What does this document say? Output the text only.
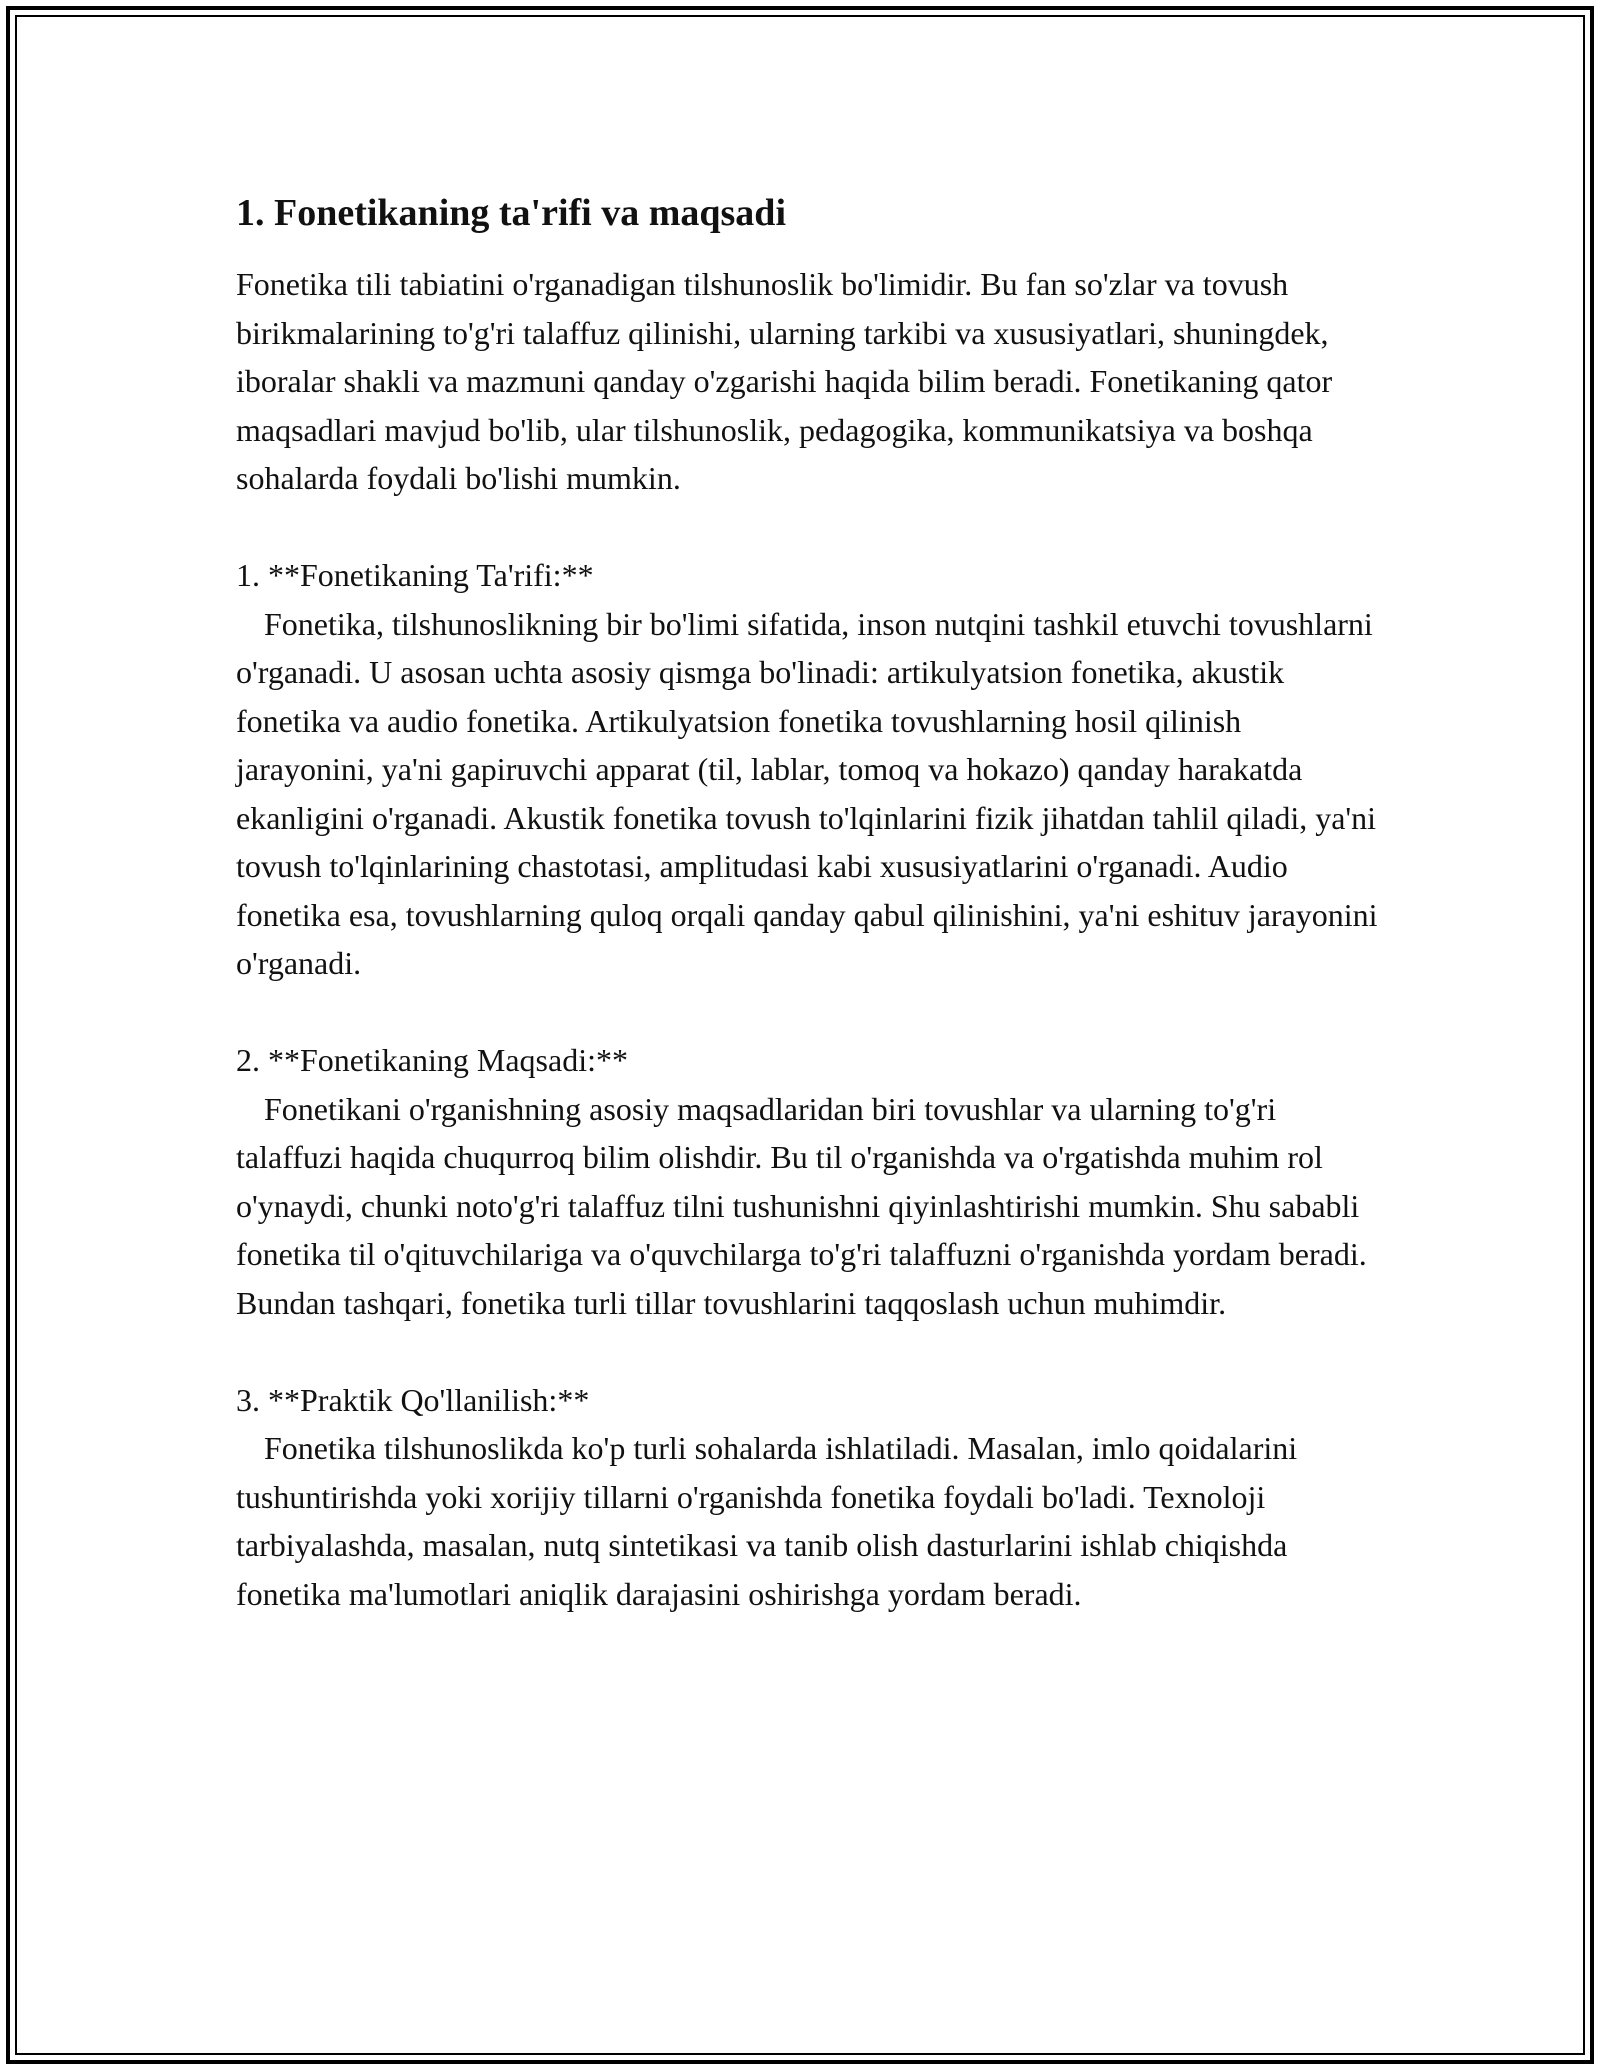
1. Fonetikaning ta'rifi va maqsadi

Fonetika tili tabiatini o'rganadigan tilshunoslik bo'limidir. Bu fan so'zlar va tovush birikmalarining to'g'ri talaffuz qilinishi, ularning tarkibi va xususiyatlari, shuningdek, iboralar shakli va mazmuni qanday o'zgarishi haqida bilim beradi. Fonetikaning qator maqsadlari mavjud bo'lib, ular tilshunoslik, pedagogika, kommunikatsiya va boshqa sohalarda foydali bo'lishi mumkin.

1. **Fonetikaning Ta'rifi:**
Fonetika, tilshunoslikning bir bo'limi sifatida, inson nutqini tashkil etuvchi tovushlarni o'rganadi. U asosan uchta asosiy qismga bo'linadi: artikulyatsion fonetika, akustik fonetika va audio fonetika. Artikulyatsion fonetika tovushlarning hosil qilinish jarayonini, ya'ni gapiruvchi apparat (til, lablar, tomoq va hokazo) qanday harakatda ekanligini o'rganadi. Akustik fonetika tovush to'lqinlarini fizik jihatdan tahlil qiladi, ya'ni tovush to'lqinlarining chastotasi, amplitudasi kabi xususiyatlarini o'rganadi. Audio fonetika esa, tovushlarning quloq orqali qanday qabul qilinishini, ya'ni eshituv jarayonini o'rganadi.
2. **Fonetikaning Maqsadi:**
Fonetikani o'rganishning asosiy maqsadlaridan biri tovushlar va ularning to'g'ri talaffuzi haqida chuqurroq bilim olishdir. Bu til o'rganishda va o'rgatishda muhim rol o'ynaydi, chunki noto'g'ri talaffuz tilni tushunishni qiyinlashtirishi mumkin. Shu sababli fonetika til o'qituvchilariga va o'quvchilarga to'g'ri talaffuzni o'rganishda yordam beradi. Bundan tashqari, fonetika turli tillar tovushlarini taqqoslash uchun muhimdir.
3. **Praktik Qo'llanilish:**
Fonetika tilshunoslikda ko'p turli sohalarda ishlatiladi. Masalan, imlo qoidalarini tushuntirishda yoki xorijiy tillarni o'rganishda fonetika foydali bo'ladi. Texnoloji tarbiyalashda, masalan, nutq sintetikasi va tanib olish dasturlarini ishlab chiqishda fonetika ma'lumotlari aniqlik darajasini oshirishga yordam beradi.
